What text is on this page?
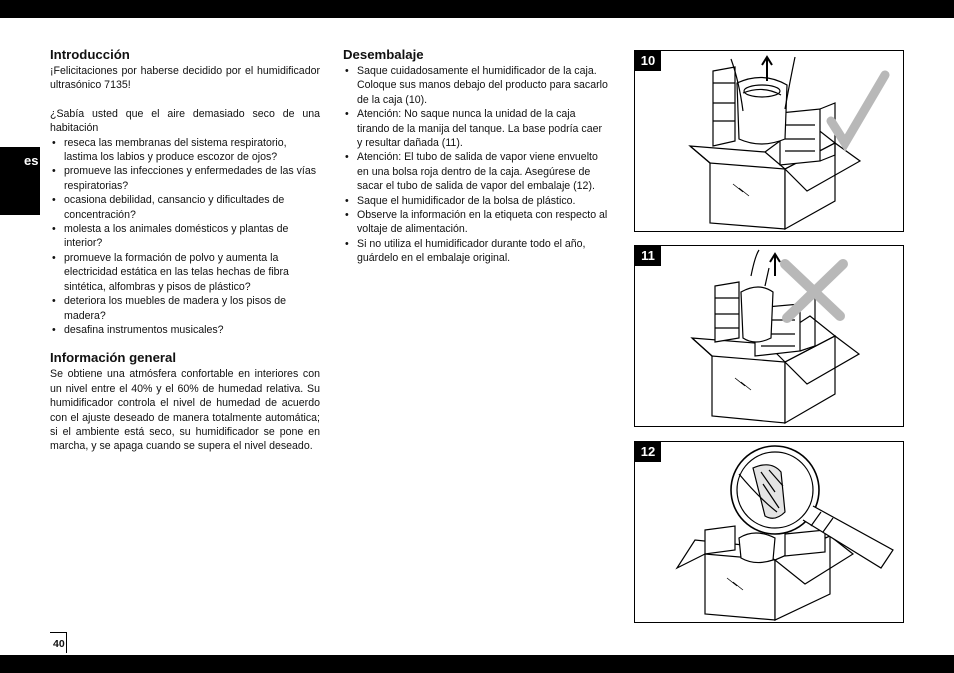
es
Introducción

¡Felicitaciones por haberse decidido por el humidificador ultrasónico 7135!

¿Sabía usted que el aire demasiado seco de una habitación

• reseca las membranas del sistema respiratorio, lastima los labios y produce escozor de ojos?
• promueve las infecciones y enfermedades de las vías respiratorias?
• ocasiona debilidad, cansancio y dificultades de concentración?
• molesta a los animales domésticos y plantas de interior?
• promueve la formación de polvo y aumenta la electricidad estática en las telas hechas de fibra sintética, alfombras y pisos de plástico?
• deteriora los muebles de madera y los pisos de madera?
• desafina instrumentos musicales?
Información general

Se obtiene una atmósfera confortable en interiores con un nivel entre el 40% y el 60% de humedad relativa. Su humidificador controla el nivel de humedad de acuerdo con el ajuste deseado de manera totalmente automática; si el ambiente está seco, su humidificador se pone en marcha, y se apaga cuando se supera el nivel deseado.

Desembalaje
• Saque cuidadosamente el humidificador de la caja. Coloque sus manos debajo del producto para sacarlo de la caja (10).
• Atención: No saque nunca la unidad de la caja tirando de la manija del tanque. La base podría caer y resultar dañada (11).
• Atención: El tubo de salida de vapor viene envuelto en una bolsa roja dentro de la caja. Asegúrese de sacar el tubo de salida de vapor del embalaje (12).
• Saque el humidificador de la bolsa de plástico.
• Observe la información en la etiqueta con respecto al voltaje de alimentación.
• Si no utiliza el humidificador durante todo el año, guárdelo en el embalaje original.
10
11
12
40
